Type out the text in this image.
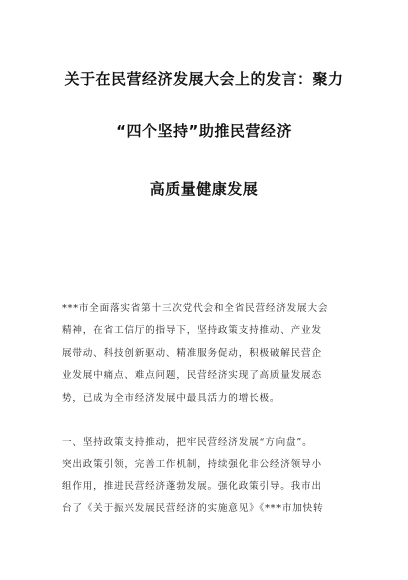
关于在民营经济发展大会上的发言：聚力
“四个坚持”助推民营经济
高质量健康发展
***市全面落实省第十三次党代会和全省民营经济发展大会
精神，在省工信厅的指导下，坚持政策支持推动、产业发
展带动、科技创新驱动、精准服务促动，积极破解民营企
业发展中痛点、难点问题，民营经济实现了高质量发展态
势，已成为全市经济发展中最具活力的增长极。
一、坚持政策支持推动，把牢民营经济发展“方向盘”。
突出政策引领，完善工作机制，持续强化非公经济领导小
组作用，推进民营经济蓬勃发展。强化政策引导。我市出
台了《关于振兴发展民营经济的实施意见》《***市加快转
